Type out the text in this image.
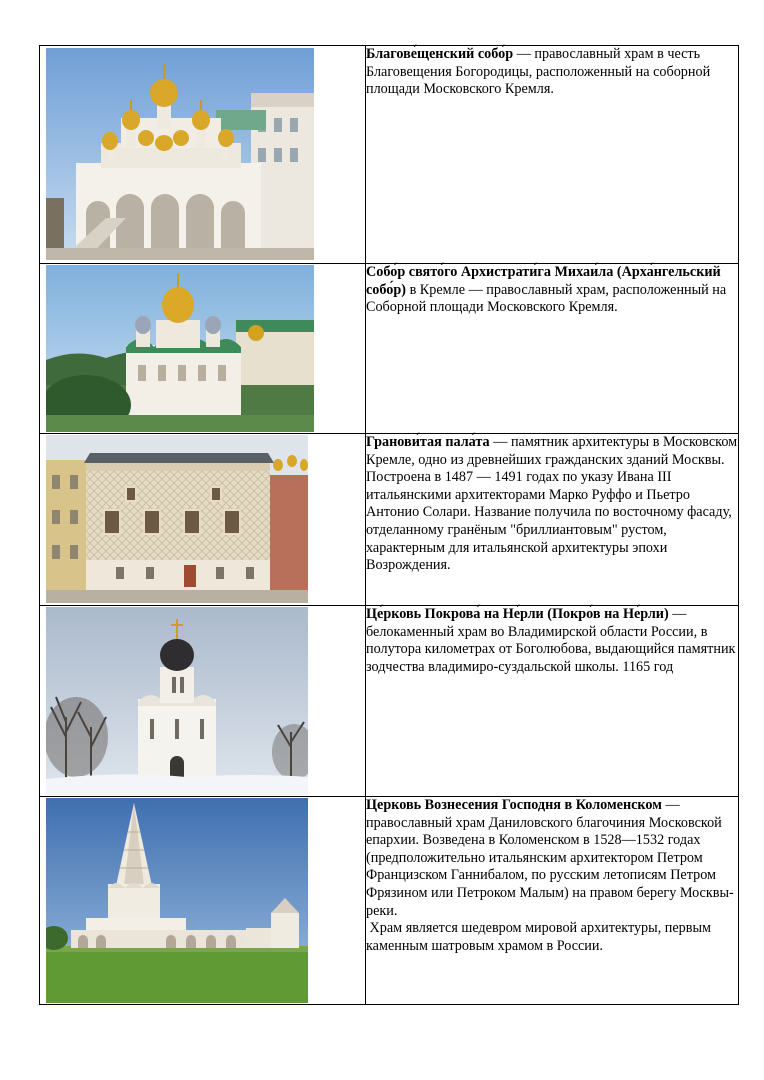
Благове́щенский собо́р — православный храм в честь Благовещения Богородицы, расположенный на соборной площади Московского Кремля.

Собо́р свято́го Архистрати́га Михаи́ла (Арха́нгельский собо́р) в Кремле — православный храм, расположенный на Соборной площади Московского Кремля.

Гранови́тая пала́та — памятник архитектуры в Московском Кремле, одно из древнейших гражданских зданий Москвы. Построена в 1487 — 1491 годах по указу Ивана III итальянскими архитекторами Марко Руффо и Пьетро Антонио Солари. Название получила по восточному фасаду, отделанному гранёным "бриллиантовым" рустом, характерным для итальянской архитектуры эпохи Возрождения.

Це́рковь Покрова́ на Не́рли (Покро́в на Не́рли) — белокаменный храм во Владимирской области России, в полутора километрах от Боголюбова, выдающийся памятник зодчества владимиро-суздальской школы. 1165 год

Церковь Вознесения Господня в Коломенском — православный храм Даниловского благочиния Московской епархии. Возведена в Коломенском в 1528—1532 годах (предположительно итальянским архитектором Петром Францизском Ганнибалом, по русским летописям Петром Фрязином или Петроком Малым) на правом берегу Москвы-реки.
Храм является шедевром мировой архитектуры, первым  каменным шатровым храмом в России.
